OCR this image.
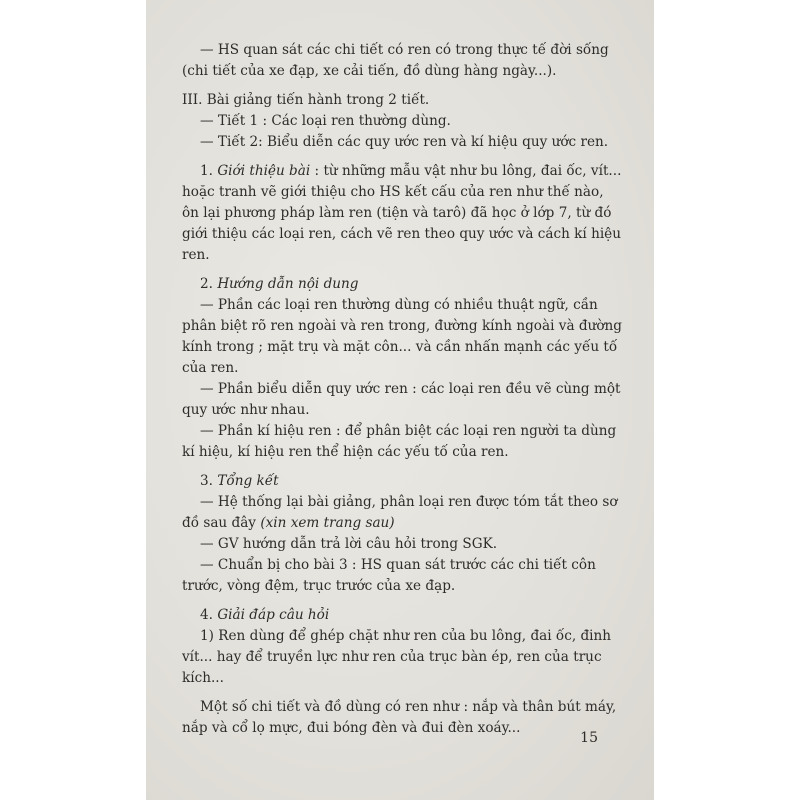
— HS quan sát các chi tiết có ren có trong thực tế đời sống (chi tiết của xe đạp, xe cải tiến, đồ dùng hàng ngày...).

III. Bài giảng tiến hành trong 2 tiết.

— Tiết 1 : Các loại ren thường dùng.

— Tiết 2: Biểu diễn các quy ước ren và kí hiệu quy ước ren.

1. Giới thiệu bài : từ những mẫu vật như bu lông, đai ốc, vít... hoặc tranh vẽ giới thiệu cho HS kết cấu của ren như thế nào, ôn lại phương pháp làm ren (tiện và tarô) đã học ở lớp 7, từ đó giới thiệu các loại ren, cách vẽ ren theo quy ước và cách kí hiệu ren.

2. Hướng dẫn nội dung

— Phần các loại ren thường dùng có nhiều thuật ngữ, cần phân biệt rõ ren ngoài và ren trong, đường kính ngoài và đường kính trong ; mặt trụ và mặt côn... và cần nhấn mạnh các yếu tố của ren.

— Phần biểu diễn quy ước ren : các loại ren đều vẽ cùng một quy ước như nhau.

— Phần kí hiệu ren : để phân biệt các loại ren người ta dùng kí hiệu, kí hiệu ren thể hiện các yếu tố của ren.

3. Tổng kết

— Hệ thống lại bài giảng, phân loại ren được tóm tắt theo sơ đồ sau đây (xin xem trang sau)

— GV hướng dẫn trả lời câu hỏi trong SGK.

— Chuẩn bị cho bài 3 : HS quan sát trước các chi tiết côn trước, vòng đệm, trục trước của xe đạp.

4. Giải đáp câu hỏi

1) Ren dùng để ghép chặt như ren của bu lông, đai ốc, đinh vít... hay để truyền lực như ren của trục bàn ép, ren của trục kích...

Một số chi tiết và đồ dùng có ren như : nắp và thân bút máy, nắp và cổ lọ mực, đui bóng đèn và đui đèn xoáy...

15
